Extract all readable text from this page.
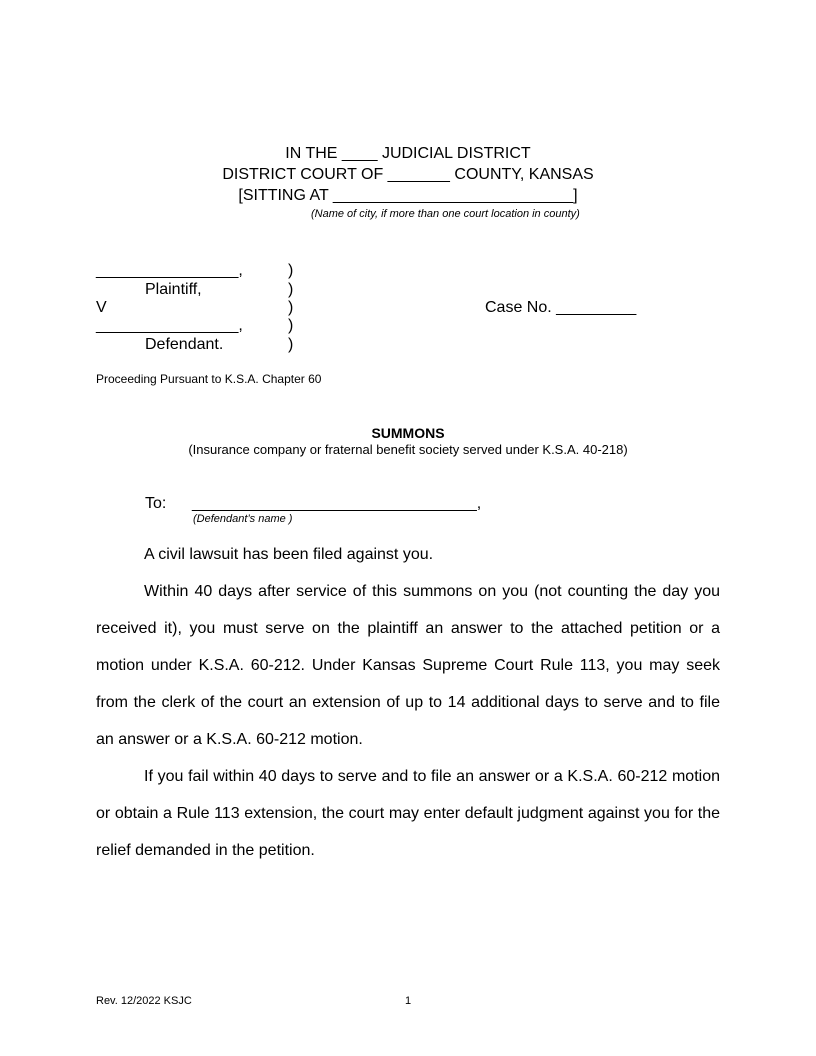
IN THE ____ JUDICIAL DISTRICT
DISTRICT COURT OF _______ COUNTY, KANSAS
[SITTING AT ___________________________]
(Name of city, if more than one court location in county)
________________,
Plaintiff,
V
________________,
Defendant.
)
)
)
)
)
Case No. _________
Proceeding Pursuant to K.S.A. Chapter 60
SUMMONS
(Insurance company or fraternal benefit society served under K.S.A. 40-218)
To: ________________________________,
(Defendant’s name )
A civil lawsuit has been filed against you.
Within 40 days after service of this summons on you (not counting the day you received it), you must serve on the plaintiff an answer to the attached petition or a motion under K.S.A. 60-212. Under Kansas Supreme Court Rule 113, you may seek from the clerk of the court an extension of up to 14 additional days to serve and to file an answer or a K.S.A. 60-212 motion.
If you fail within 40 days to serve and to file an answer or a K.S.A. 60-212 motion or obtain a Rule 113 extension, the court may enter default judgment against you for the relief demanded in the petition.
Rev. 12/2022 KSJC	1
